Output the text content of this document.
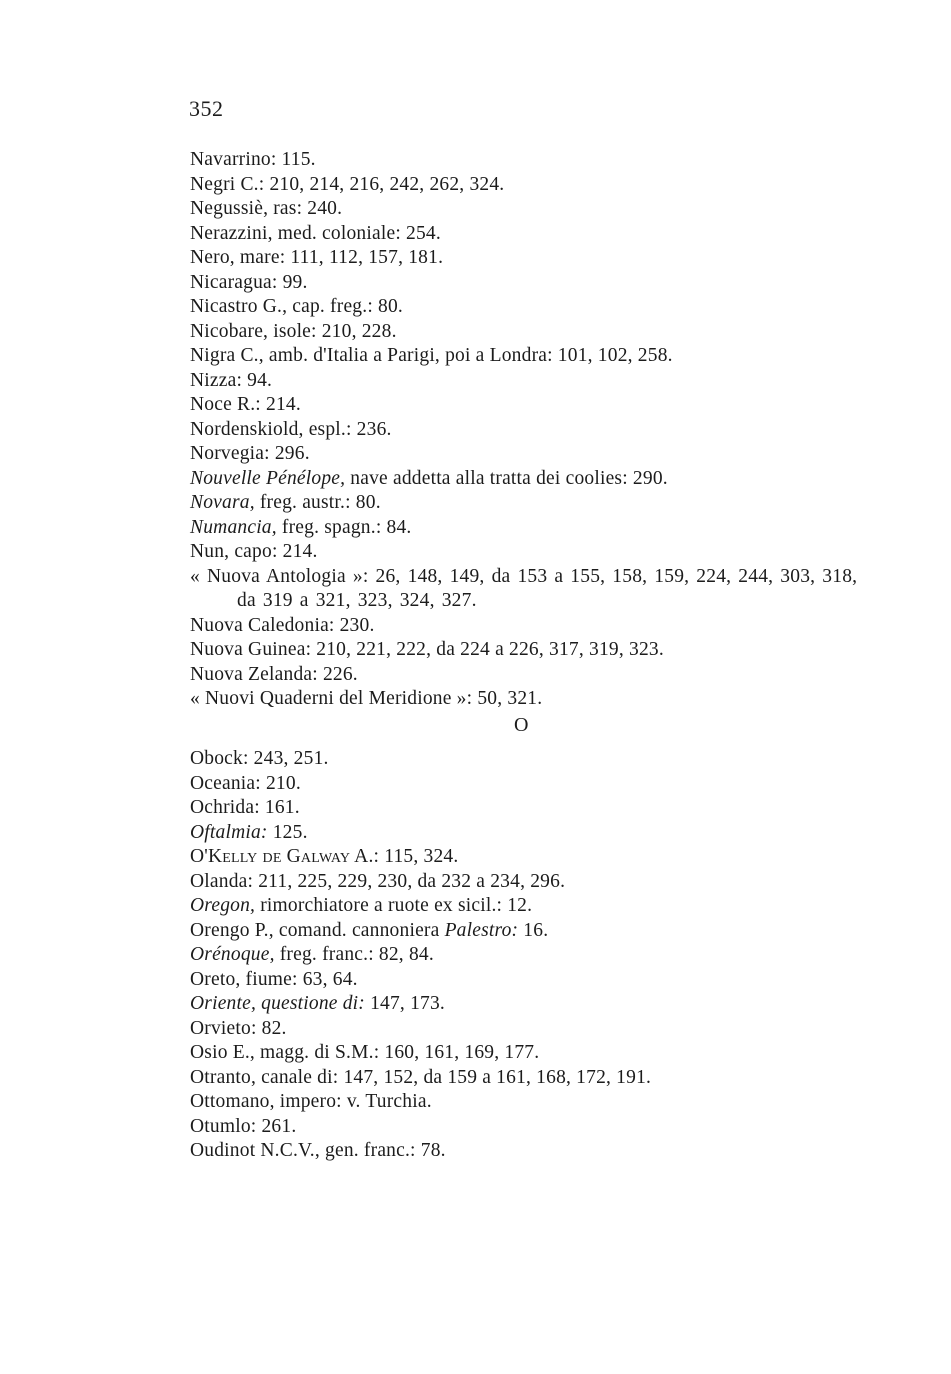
352
Navarrino: 115.
Negri C.: 210, 214, 216, 242, 262, 324.
Negussiè, ras: 240.
Nerazzini, med. coloniale: 254.
Nero, mare: 111, 112, 157, 181.
Nicaragua: 99.
Nicastro G., cap. freg.: 80.
Nicobare, isole: 210, 228.
Nigra C., amb. d'Italia a Parigi, poi a Londra: 101, 102, 258.
Nizza: 94.
Noce R.: 214.
Nordenskiold, espl.: 236.
Norvegia: 296.
Nouvelle Pénélope, nave addetta alla tratta dei coolies: 290.
Novara, freg. austr.: 80.
Numancia, freg. spagn.: 84.
Nun, capo: 214.
« Nuova Antologia »: 26, 148, 149, da 153 a 155, 158, 159, 224, 244, 303, 318, da 319 a 321, 323, 324, 327.
Nuova Caledonia: 230.
Nuova Guinea: 210, 221, 222, da 224 a 226, 317, 319, 323.
Nuova Zelanda: 226.
« Nuovi Quaderni del Meridione »: 50, 321.
O
Obock: 243, 251.
Oceania: 210.
Ochrida: 161.
Oftalmia: 125.
O'Kelly de Galway A.: 115, 324.
Olanda: 211, 225, 229, 230, da 232 a 234, 296.
Oregon, rimorchiatore a ruote ex sicil.: 12.
Orengo P., comand. cannoniera Palestro: 16.
Orénoque, freg. franc.: 82, 84.
Oreto, fiume: 63, 64.
Oriente, questione di: 147, 173.
Orvieto: 82.
Osio E., magg. di S.M.: 160, 161, 169, 177.
Otranto, canale di: 147, 152, da 159 a 161, 168, 172, 191.
Ottomano, impero: v. Turchia.
Otumlo: 261.
Oudinot N.C.V., gen. franc.: 78.
